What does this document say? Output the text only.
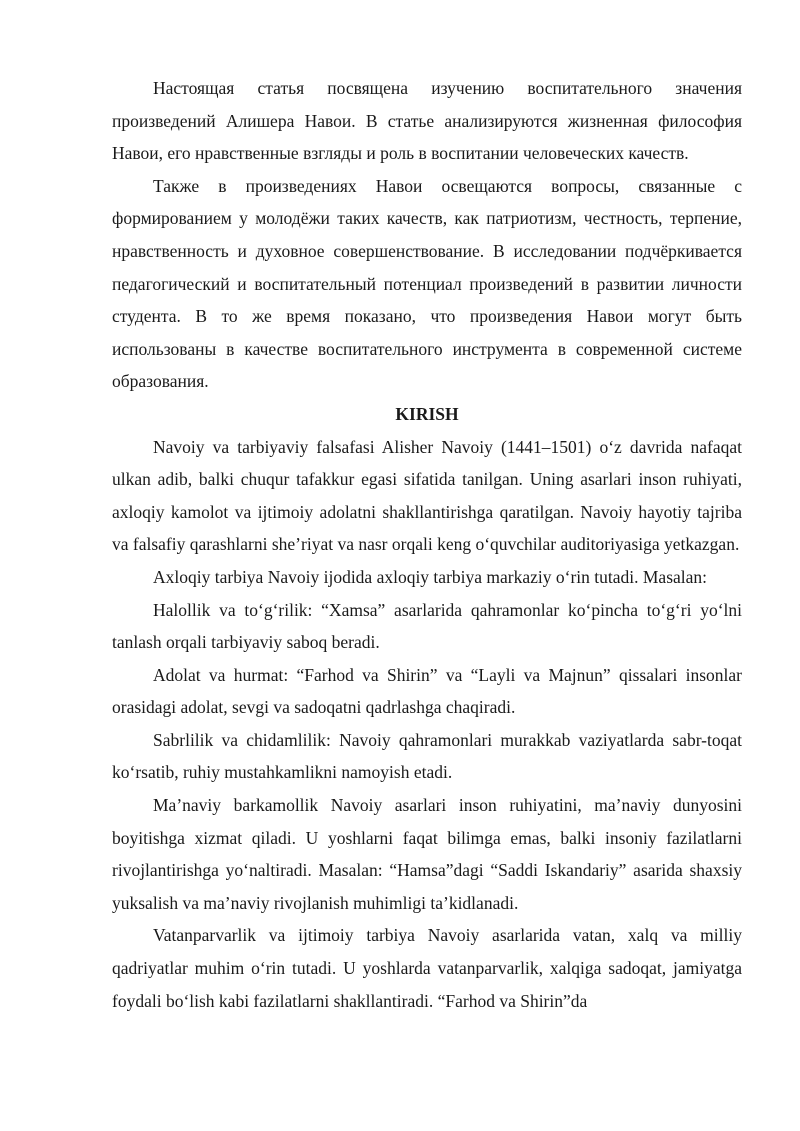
Настоящая статья посвящена изучению воспитательного значения произведений Алишера Навои. В статье анализируются жизненная философия Навои, его нравственные взгляды и роль в воспитании человеческих качеств.

Также в произведениях Навои освещаются вопросы, связанные с формированием у молодёжи таких качеств, как патриотизм, честность, терпение, нравственность и духовное совершенствование. В исследовании подчёркивается педагогический и воспитательный потенциал произведений в развитии личности студента. В то же время показано, что произведения Навои могут быть использованы в качестве воспитательного инструмента в современной системе образования.

KIRISH

Navoiy va tarbiyaviy falsafasi Alisher Navoiy (1441–1501) o‘z davrida nafaqat ulkan adib, balki chuqur tafakkur egasi sifatida tanilgan. Uning asarlari inson ruhiyati, axloqiy kamolot va ijtimoiy adolatni shakllantirishga qaratilgan. Navoiy hayotiy tajriba va falsafiy qarashlarni she’riyat va nasr orqali keng o‘quvchilar auditoriyasiga yetkazgan.

Axloqiy tarbiya Navoiy ijodida axloqiy tarbiya markaziy o‘rin tutadi. Masalan:

Halollik va to‘g‘rilik: “Xamsa” asarlarida qahramonlar ko‘pincha to‘g‘ri yo‘lni tanlash orqali tarbiyaviy saboq beradi.

Adolat va hurmat: “Farhod va Shirin” va “Layli va Majnun” qissalari insonlar orasidagi adolat, sevgi va sadoqatni qadrlashga chaqiradi.

Sabrlilik va chidamlilik: Navoiy qahramonlari murakkab vaziyatlarda sabr-toqat ko‘rsatib, ruhiy mustahkamlikni namoyish etadi.

Ma’naviy barkamollik Navoiy asarlari inson ruhiyatini, ma’naviy dunyosini boyitishga xizmat qiladi. U yoshlarni faqat bilimga emas, balki insoniy fazilatlarni rivojlantirishga yo‘naltiradi. Masalan: “Hamsa”dagi “Saddi Iskandariy” asarida shaxsiy yuksalish va ma’naviy rivojlanish muhimligi ta’kidlanadi.

Vatanparvarlik va ijtimoiy tarbiya Navoiy asarlarida vatan, xalq va milliy qadriyatlar muhim o‘rin tutadi. U yoshlarda vatanparvarlik, xalqiga sadoqat, jamiyatga foydali bo‘lish kabi fazilatlarni shakllantiradi. “Farhod va Shirin”da
